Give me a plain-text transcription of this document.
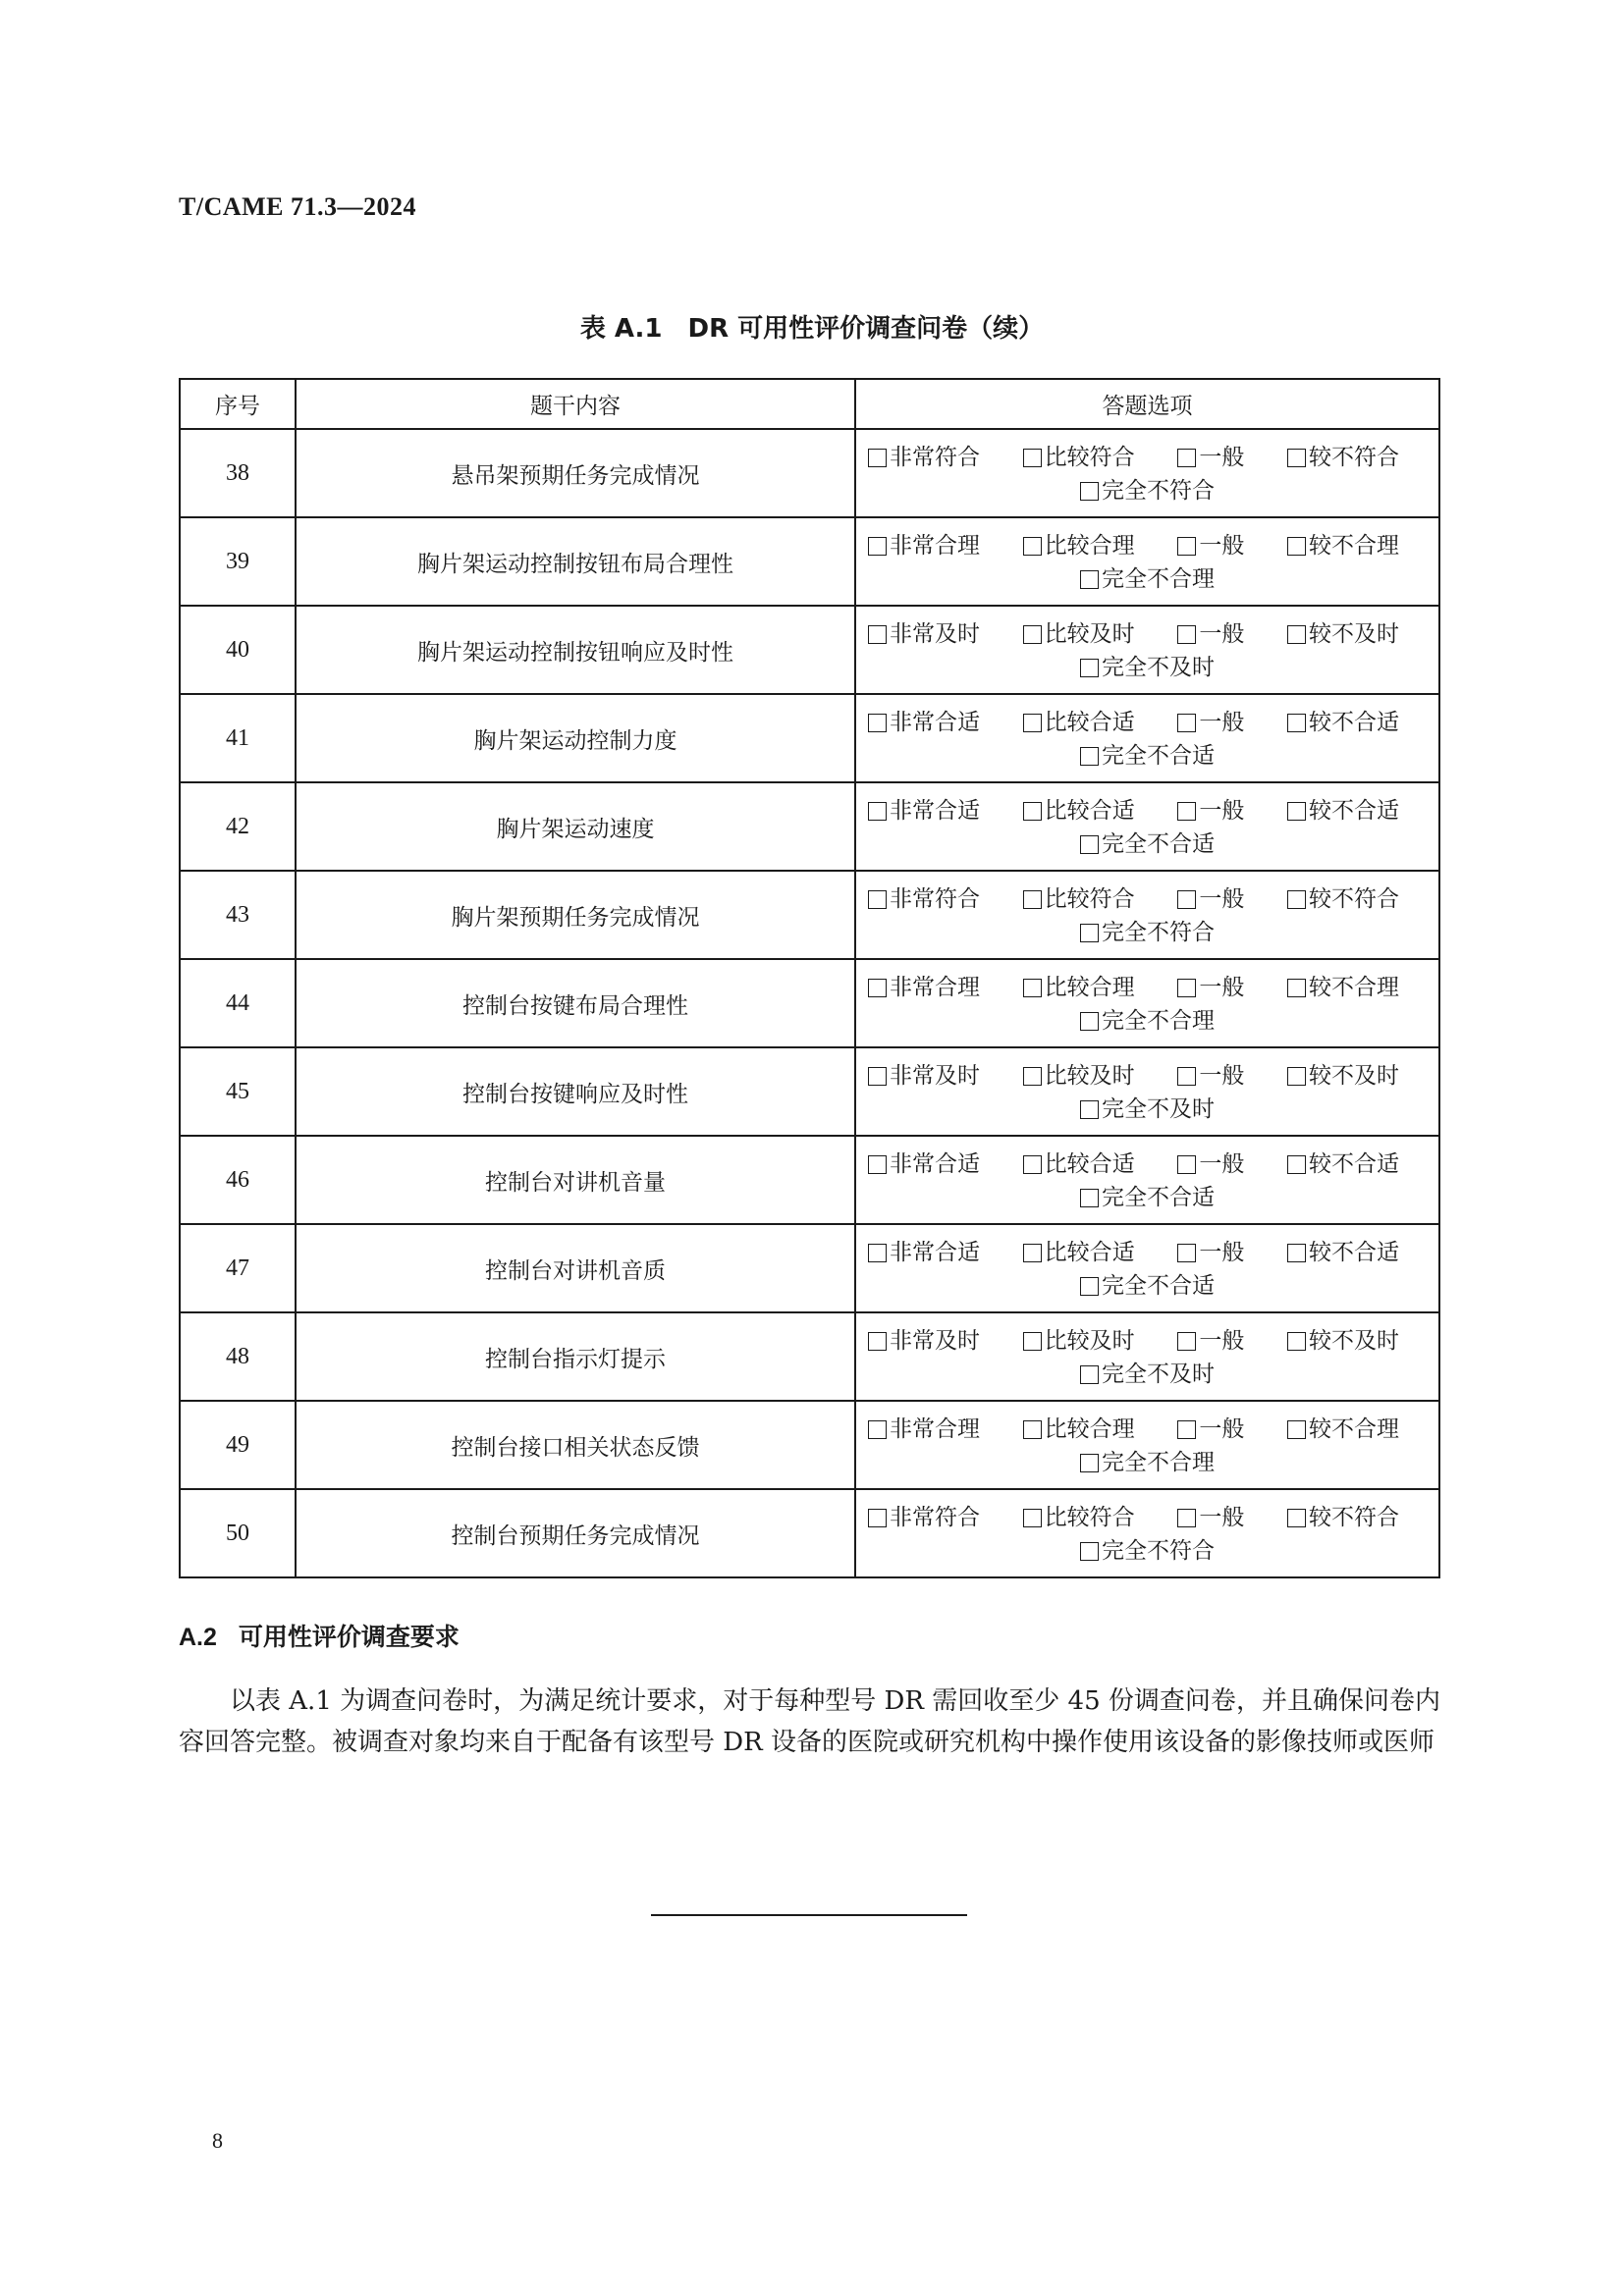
T/CAME 71.3—2024
表 A.1　DR 可用性评价调查问卷（续）
序号	题干内容	答题选项
38	悬吊架预期任务完成情况	非常符合 比较符合 一般 较不符合
完全不符合

39	胸片架运动控制按钮布局合理性	非常合理 比较合理 一般 较不合理
完全不合理

40	胸片架运动控制按钮响应及时性	非常及时 比较及时 一般 较不及时
完全不及时

41	胸片架运动控制力度	非常合适 比较合适 一般 较不合适
完全不合适

42	胸片架运动速度	非常合适 比较合适 一般 较不合适
完全不合适

43	胸片架预期任务完成情况	非常符合 比较符合 一般 较不符合
完全不符合

44	控制台按键布局合理性	非常合理 比较合理 一般 较不合理
完全不合理

45	控制台按键响应及时性	非常及时 比较及时 一般 较不及时
完全不及时

46	控制台对讲机音量	非常合适 比较合适 一般 较不合适
完全不合适

47	控制台对讲机音质	非常合适 比较合适 一般 较不合适
完全不合适

48	控制台指示灯提示	非常及时 比较及时 一般 较不及时
完全不及时

49	控制台接口相关状态反馈	非常合理 比较合理 一般 较不合理
完全不合理

50	控制台预期任务完成情况	非常符合 比较符合 一般 较不符合
完全不符合
A.2 可用性评价调查要求
以表 A.1 为调查问卷时，为满足统计要求，对于每种型号 DR 需回收至少 45 份调查问卷，并且确保问卷内容回答完整。被调查对象均来自于配备有该型号 DR 设备的医院或研究机构中操作使用该设备的影像技师或医师
8
